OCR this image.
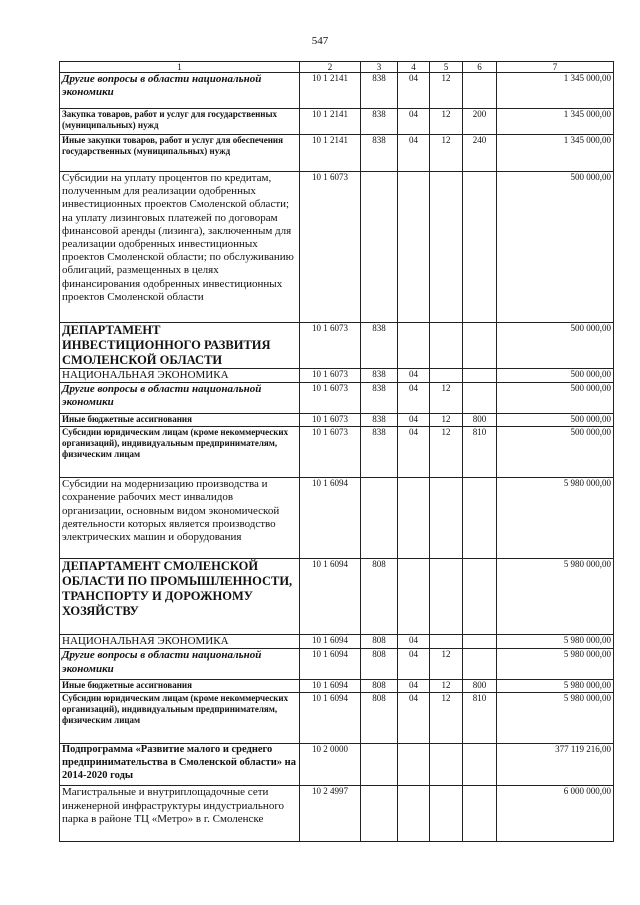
547
1	2	3	4	5	6	7
Другие вопросы в области национальной экономики	10 1 2141	838	04	12		1 345 000,00
Закупка товаров, работ и услуг для государственных (муниципальных) нужд	10 1 2141	838	04	12	200	1 345 000,00
Иные закупки товаров, работ и услуг для обеспечения государственных (муниципальных) нужд	10 1 2141	838	04	12	240	1 345 000,00
Субсидии на уплату процентов по кредитам, полученным для реализации одобренных инвестиционных проектов Смоленской области; на уплату лизинговых платежей по договорам финансовой аренды (лизинга), заключенным для реализации одобренных инвестиционных проектов Смоленской области; по обслуживанию облигаций, размещенных в целях финансирования одобренных инвестиционных проектов Смоленской области	10 1 6073					500 000,00
ДЕПАРТАМЕНТ ИНВЕСТИЦИОННОГО РАЗВИТИЯ СМОЛЕНСКОЙ ОБЛАСТИ	10 1 6073	838				500 000,00
НАЦИОНАЛЬНАЯ ЭКОНОМИКА	10 1 6073	838	04			500 000,00
Другие вопросы в области национальной экономики	10 1 6073	838	04	12		500 000,00
Иные бюджетные ассигнования	10 1 6073	838	04	12	800	500 000,00
Субсидии юридическим лицам (кроме некоммерческих организаций), индивидуальным предпринимателям, физическим лицам	10 1 6073	838	04	12	810	500 000,00
Субсидии на модернизацию производства и сохранение рабочих мест инвалидов организации, основным видом экономической деятельности которых является производство электрических машин и оборудования	10 1 6094					5 980 000,00
ДЕПАРТАМЕНТ СМОЛЕНСКОЙ ОБЛАСТИ ПО ПРОМЫШЛЕННОСТИ, ТРАНСПОРТУ И ДОРОЖНОМУ ХОЗЯЙСТВУ	10 1 6094	808				5 980 000,00
НАЦИОНАЛЬНАЯ ЭКОНОМИКА	10 1 6094	808	04			5 980 000,00
Другие вопросы в области национальной экономики	10 1 6094	808	04	12		5 980 000,00
Иные бюджетные ассигнования	10 1 6094	808	04	12	800	5 980 000,00
Субсидии юридическим лицам (кроме некоммерческих организаций), индивидуальным предпринимателям, физическим лицам	10 1 6094	808	04	12	810	5 980 000,00
Подпрограмма «Развитие малого и среднего предпринимательства в Смоленской области» на 2014-2020 годы	10 2 0000					377 119 216,00
Магистральные и внутриплощадочные сети инженерной инфраструктуры индустриального парка в районе ТЦ «Метро» в г. Смоленске	10 2 4997					6 000 000,00
